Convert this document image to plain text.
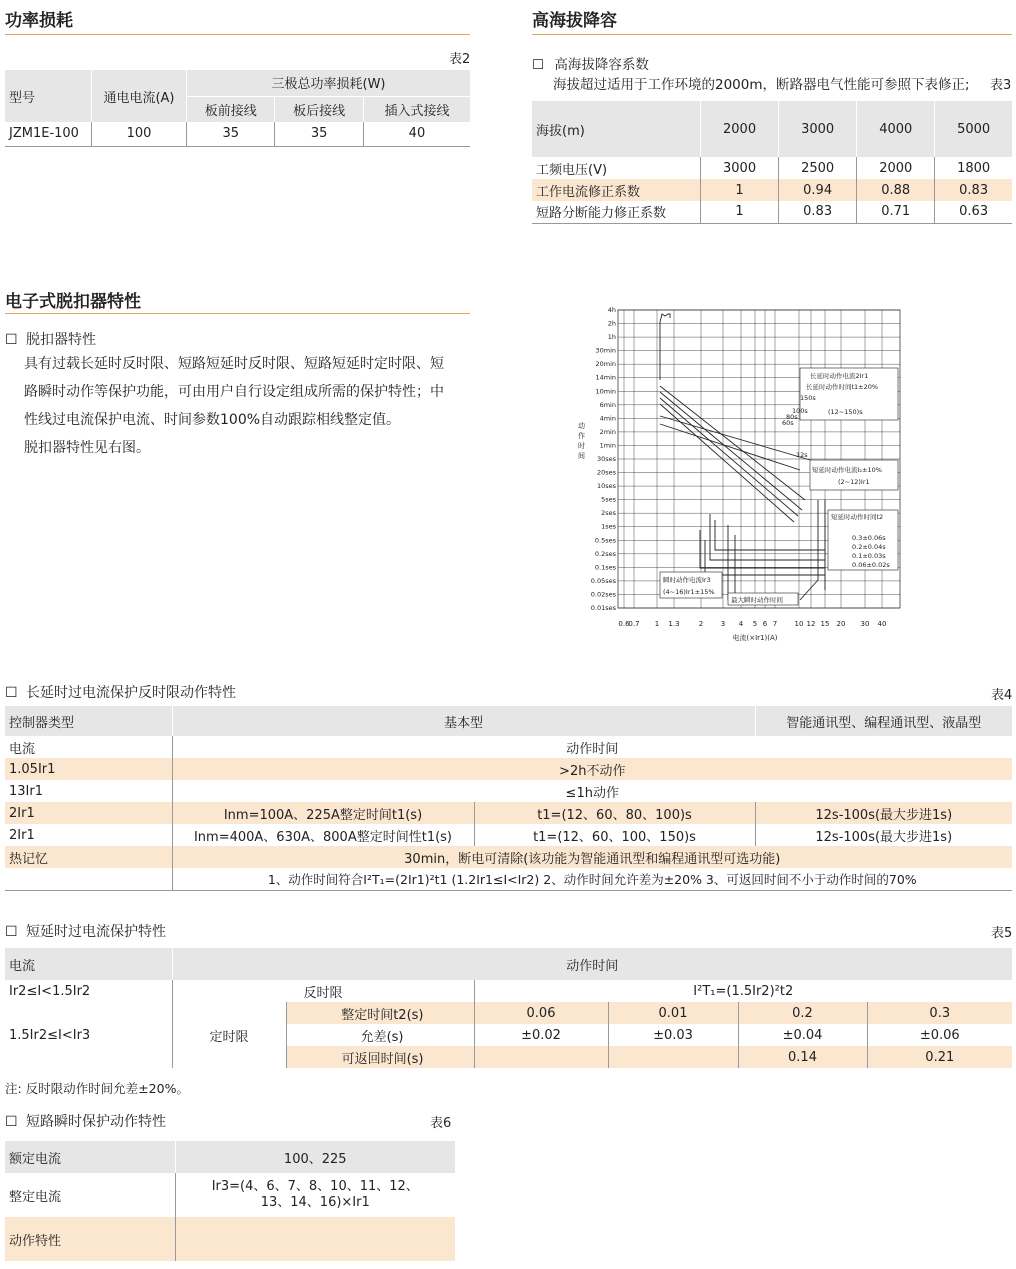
功率损耗
表2
型号	通电电流(A)	三极总功率损耗(W)		
		板前接线	板后接线	插入式接线
JZM1E-100	100	35	35	40
高海拔降容
☐ 高海拔降容系数
海拔超过适用于工作环境的2000m，断路器电气性能可参照下表修正; 表3
海拔(m)	2000	3000	4000	5000
工频电压(V)	3000	2500	2000	1800
工作电流修正系数	1	0.94	0.88	0.83
短路分断能力修正系数	1	0.83	0.71	0.63
电子式脱扣器特性
☐ 脱扣器特性
具有过载长延时反时限、短路短延时反时限、短路短延时定时限、短
路瞬时动作等保护功能，可由用户自行设定组成所需的保护特性；中
性线过电流保护电流、时间参数100%自动跟踪相线整定值。
脱扣器特性见右图。
4h
2h
1h
30min
20min
14min
10min
6min
4min
2min
1min
30ses
20ses
10ses
5ses
2ses
1ses
0.5ses
0.2ses
0.1ses
0.05ses
0.02ses
0.01ses
0.6
0.7 1 1.3	2	3 4 5 6 7 10 12 15 20 30 40
长延时动作电流2Ir1
长延时动作时间t1±20%
(12~150)s
150s
100s
80s
60s
12s
短延时动作电流I₂±10%
(2~12)Ir1
短延时动作时间t2
0.3±0.06s
0.2±0.04s
0.1±0.03s
0.06±0.02s
瞬时动作电流Ir3
(4~16)Ir1±15%
最大瞬时动作时间
动作时间
电流(×Ir1)(A)
☐ 长延时过电流保护反时限动作特性	表4
控制器类型	基本型		智能通讯型、编程通讯型、液晶型
电流	动作时间		
1.05Ir1	>2h不动作		
13Ir1	≤1h动作		
2Ir1	Inm=100A、225A整定时间t1(s)	t1=(12、60、80、100)s	12s-100s(最大步进1s)
2Ir1	Inm=400A、630A、800A整定时间性t1(s)	t1=(12、60、100、150)s	12s-100s(最大步进1s)
热记忆	30min，断电可清除(该功能为智能通讯型和编程通讯型可选功能)		
	1、动作时间符合I²T₁=(2Ir1)²t1 (1.2Ir1≤I<Ir2) 2、动作时间允许差为±20% 3、可返回时间不小于动作时间的70%		
☐ 短延时过电流保护特性	表5
电流	动作时间					
Ir2≤I<1.5Ir2	反时限		I²T₁=(1.5Ir2)²t2			
1.5Ir2≤I<Ir3	定时限	整定时间t2(s)	0.06	0.01	0.2	0.3
		允差(s)	±0.02	±0.03	±0.04	±0.06
		可返回时间(s)			0.14	0.21
注: 反时限动作时间允差±20%。
☐ 短路瞬时保护动作特性	表6
额定电流	100、225
整定电流	Ir3=(4、6、7、8、10、11、12、
13、14、16)×Ir1

动作特性	
